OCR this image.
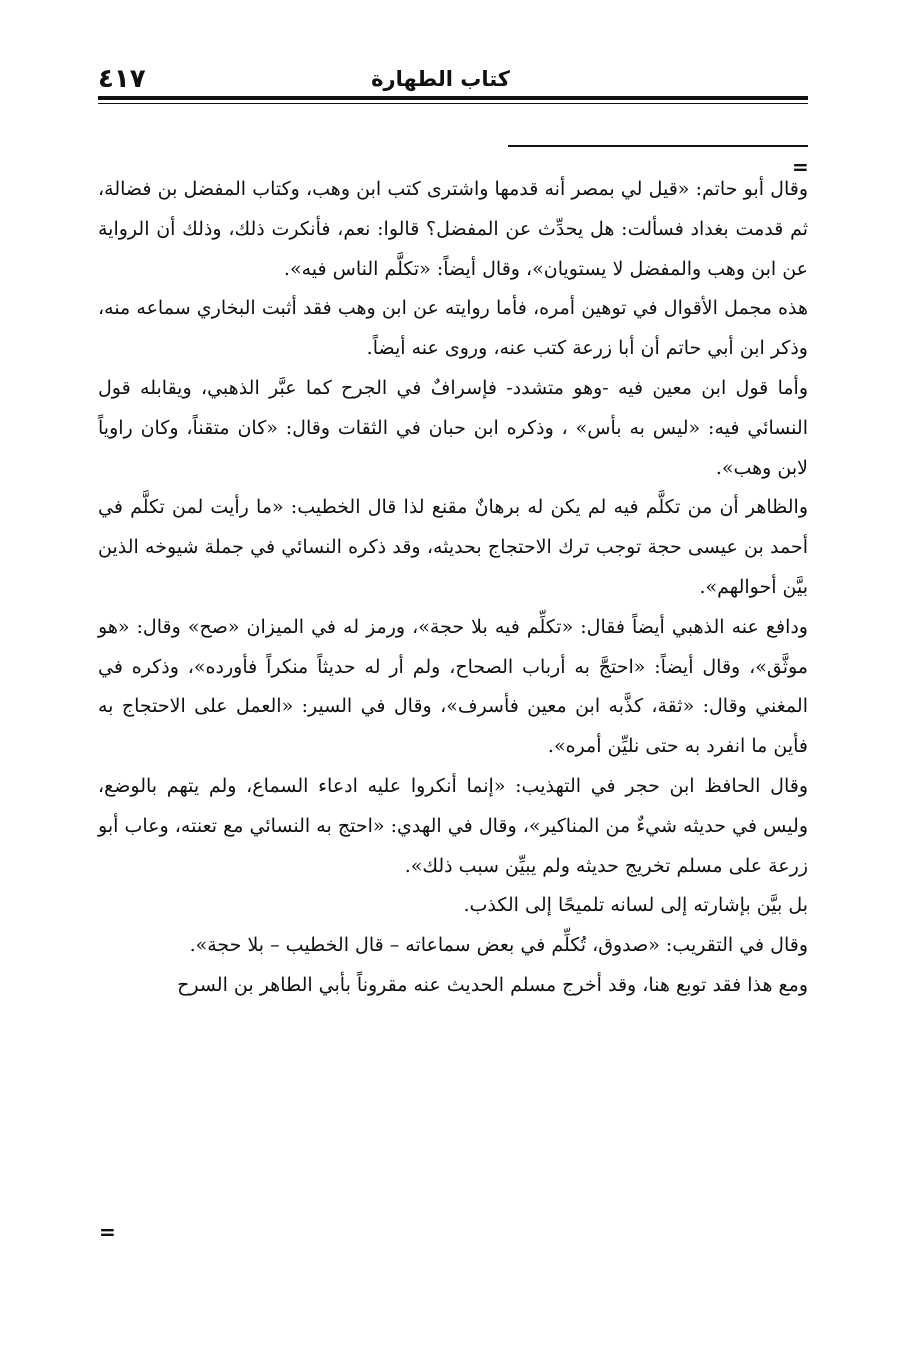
٤١٧	كتاب الطهارة
=

وقال أبو حاتم: «قيل لي بمصر أنه قدمها واشترى كتب ابن وهب، وكتاب المفضل بن فضالة، ثم قدمت بغداد فسألت: هل يحدِّث عن المفضل؟ قالوا: نعم، فأنكرت ذلك، وذلك أن الرواية عن ابن وهب والمفضل لا يستويان»، وقال أيضاً: «تكلَّم الناس فيه».

هذه مجمل الأقوال في توهين أمره، فأما روايته عن ابن وهب فقد أثبت البخاري سماعه منه، وذكر ابن أبي حاتم أن أبا زرعة كتب عنه، وروى عنه أيضاً.

وأما قول ابن معين فيه -وهو متشدد- فإسرافٌ في الجرح كما عبَّر الذهبي، ويقابله قول النسائي فيه: «ليس به بأس» ، وذكره ابن حبان في الثقات وقال: «كان متقناً، وكان راوياً لابن وهب».

والظاهر أن من تكلَّم فيه لم يكن له برهانٌ مقنع لذا قال الخطيب: «ما رأيت لمن تكلَّم في أحمد بن عيسى حجة توجب ترك الاحتجاج بحديثه، وقد ذكره النسائي في جملة شيوخه الذين بيَّن أحوالهم».

ودافع عنه الذهبي أيضاً فقال: «تكلِّم فيه بلا حجة»، ورمز له في الميزان «صح» وقال: «هو موثَّق»، وقال أيضاً: «احتجَّ به أرباب الصحاح، ولم أر له حديثاً منكراً فأورده»، وذكره في المغني وقال: «ثقة، كذَّبه ابن معين فأسرف»، وقال في السير: «العمل على الاحتجاج به فأين ما انفرد به حتى نليِّن أمره».

وقال الحافظ ابن حجر في التهذيب: «إنما أنكروا عليه ادعاء السماع، ولم يتهم بالوضع، وليس في حديثه شيءٌ من المناكير»، وقال في الهدي: «احتج به النسائي مع تعنته، وعاب أبو زرعة على مسلم تخريج حديثه ولم يبيِّن سبب ذلك».

بل بيَّن بإشارته إلى لسانه تلميحًا إلى الكذب.

وقال في التقريب: «صدوق، تُكلِّم في بعض سماعاته – قال الخطيب – بلا حجة».

ومع هذا فقد توبع هنا، وقد أخرج مسلم الحديث عنه مقروناً بأبي الطاهر بن السرح

=
